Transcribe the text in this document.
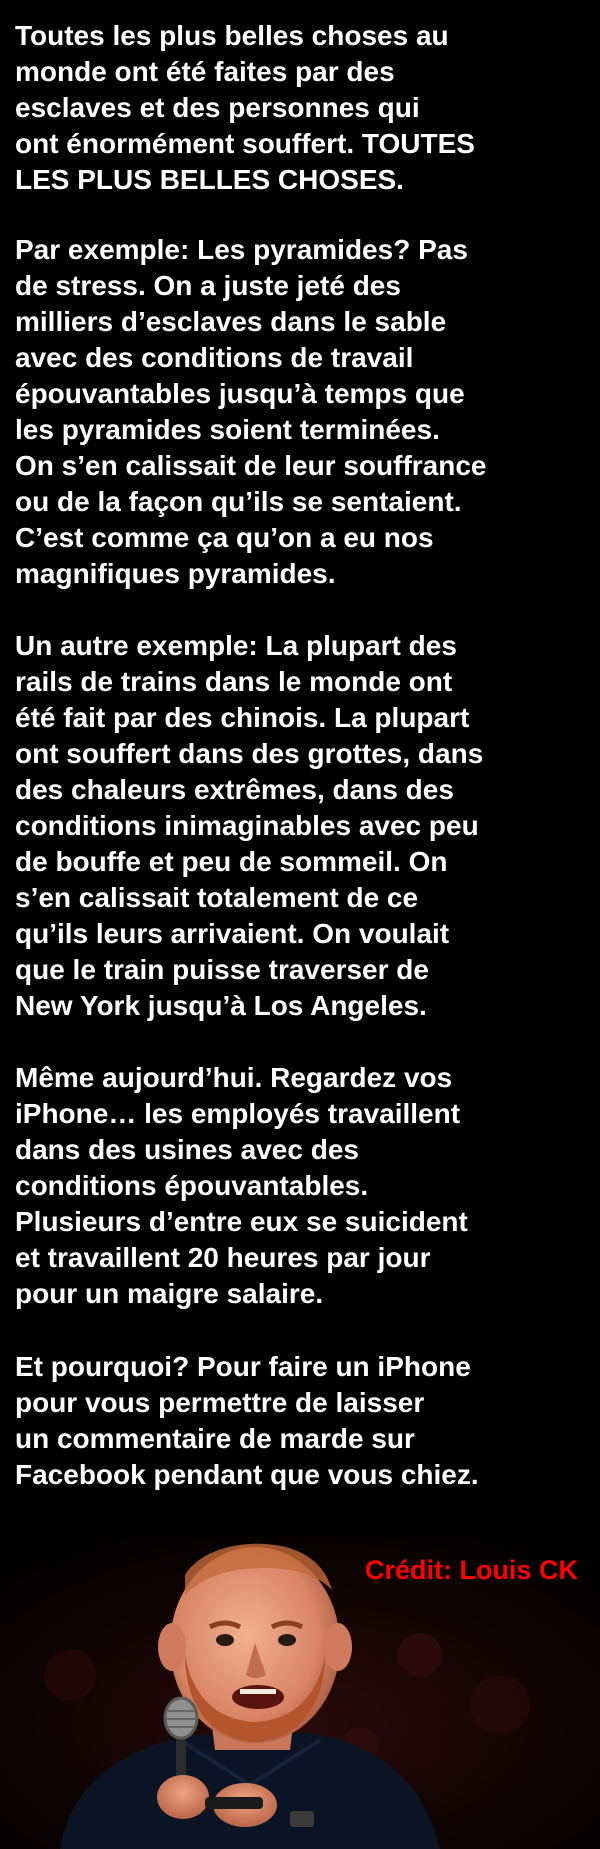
Toutes les plus belles choses au
monde ont été faites par des
esclaves et des personnes qui
ont énormément souffert. TOUTES
LES PLUS BELLES CHOSES.
Par exemple: Les pyramides? Pas
de stress. On a juste jeté des
milliers d’esclaves dans le sable
avec des conditions de travail
épouvantables jusqu’à temps que
les pyramides soient terminées.
On s’en calissait de leur souffrance
ou de la façon qu’ils se sentaient.
C’est comme ça qu’on a eu nos
magnifiques pyramides.
Un autre exemple: La plupart des
rails de trains dans le monde ont
été fait par des chinois. La plupart
ont souffert dans des grottes, dans
des chaleurs extrêmes, dans des
conditions inimaginables avec peu
de bouffe et peu de sommeil. On
s’en calissait totalement de ce
qu’ils leurs arrivaient. On voulait
que le train puisse traverser de
New York jusqu’à Los Angeles.
Même aujourd’hui. Regardez vos
iPhone… les employés travaillent
dans des usines avec des
conditions épouvantables.
Plusieurs d’entre eux se suicident
et travaillent 20 heures par jour
pour un maigre salaire.
Et pourquoi? Pour faire un iPhone
pour vous permettre de laisser
un commentaire de marde sur
Facebook pendant que vous chiez.
Crédit: Louis CK
